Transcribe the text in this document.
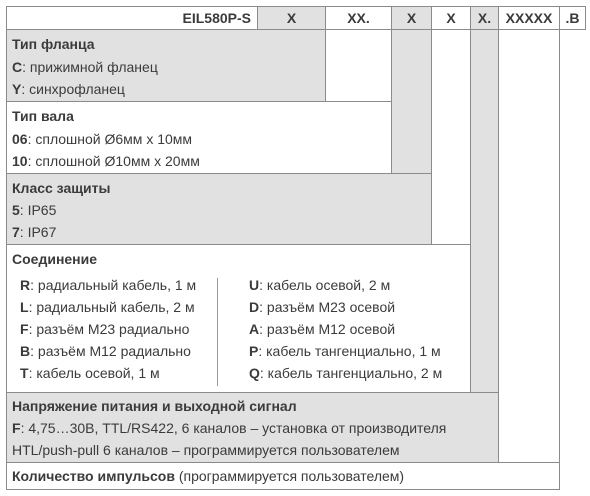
EIL580P-S	X	XX.	X	X	X.	XXXXX .B
Тип фланца
C: прижимной фланец
Y: синхрофланец
Тип вала
06: сплошной Ø6мм x 10мм
10: сплошной Ø10мм x 20мм
Класс защиты
5: IP65
7: IP67
Соединение
R: радиальный кабель, 1 м
L: радиальный кабель, 2 м
F: разъём M23 радиально
B: разъём M12 радиально
T: кабель осевой, 1 м
U: кабель осевой, 2 м
D: разъём M23 осевой
A: разъём M12 осевой
P: кабель тангенциально, 1 м
Q: кабель тангенциально, 2 м
Напряжение питания и выходной сигнал
F: 4,75…30В, TTL/RS422, 6 каналов – установка от производителя
HTL/push-pull 6 каналов – программируется пользователем
Количество импульсов (программируется пользователем)
